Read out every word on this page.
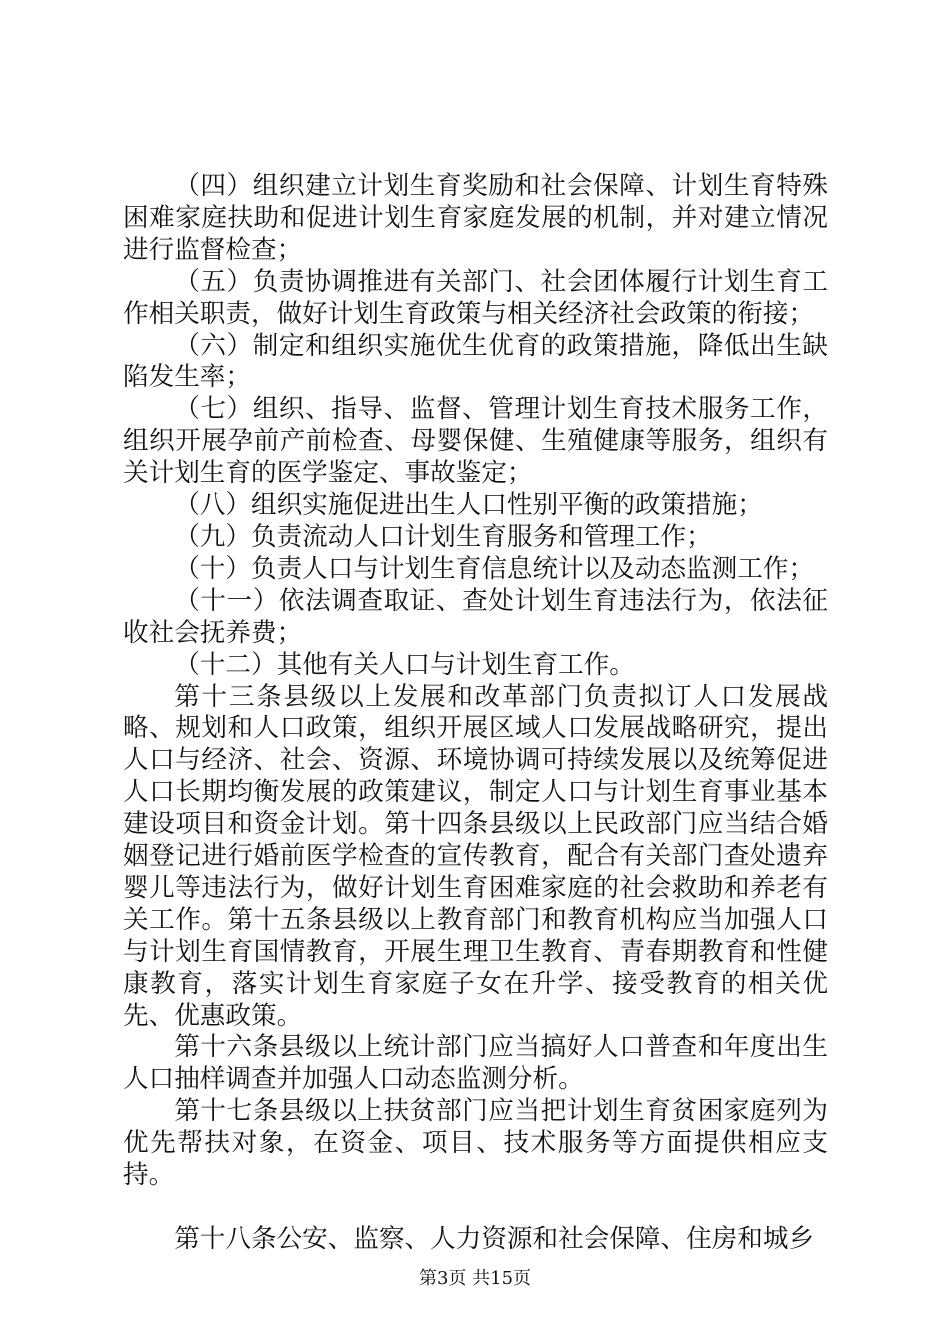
（四）组织建立计划生育奖励和社会保障、计划生育特殊困难家庭扶助和促进计划生育家庭发展的机制，并对建立情况进行监督检查；

（五）负责协调推进有关部门、社会团体履行计划生育工作相关职责，做好计划生育政策与相关经济社会政策的衔接；

（六）制定和组织实施优生优育的政策措施，降低出生缺陷发生率；

（七）组织、指导、监督、管理计划生育技术服务工作，组织开展孕前产前检查、母婴保健、生殖健康等服务，组织有关计划生育的医学鉴定、事故鉴定；

（八）组织实施促进出生人口性别平衡的政策措施；

（九）负责流动人口计划生育服务和管理工作；

（十）负责人口与计划生育信息统计以及动态监测工作；

（十一）依法调查取证、查处计划生育违法行为，依法征收社会抚养费；

（十二）其他有关人口与计划生育工作。

第十三条县级以上发展和改革部门负责拟订人口发展战略、规划和人口政策，组织开展区域人口发展战略研究，提出人口与经济、社会、资源、环境协调可持续发展以及统筹促进人口长期均衡发展的政策建议，制定人口与计划生育事业基本建设项目和资金计划。第十四条县级以上民政部门应当结合婚姻登记进行婚前医学检查的宣传教育，配合有关部门查处遗弃婴儿等违法行为，做好计划生育困难家庭的社会救助和养老有关工作。第十五条县级以上教育部门和教育机构应当加强人口与计划生育国情教育，开展生理卫生教育、青春期教育和性健康教育，落实计划生育家庭子女在升学、接受教育的相关优先、优惠政策。

第十六条县级以上统计部门应当搞好人口普查和年度出生人口抽样调查并加强人口动态监测分析。

第十七条县级以上扶贫部门应当把计划生育贫困家庭列为优先帮扶对象，在资金、项目、技术服务等方面提供相应支持。

第十八条公安、监察、人力资源和社会保障、住房和城乡

第3页 共15页
